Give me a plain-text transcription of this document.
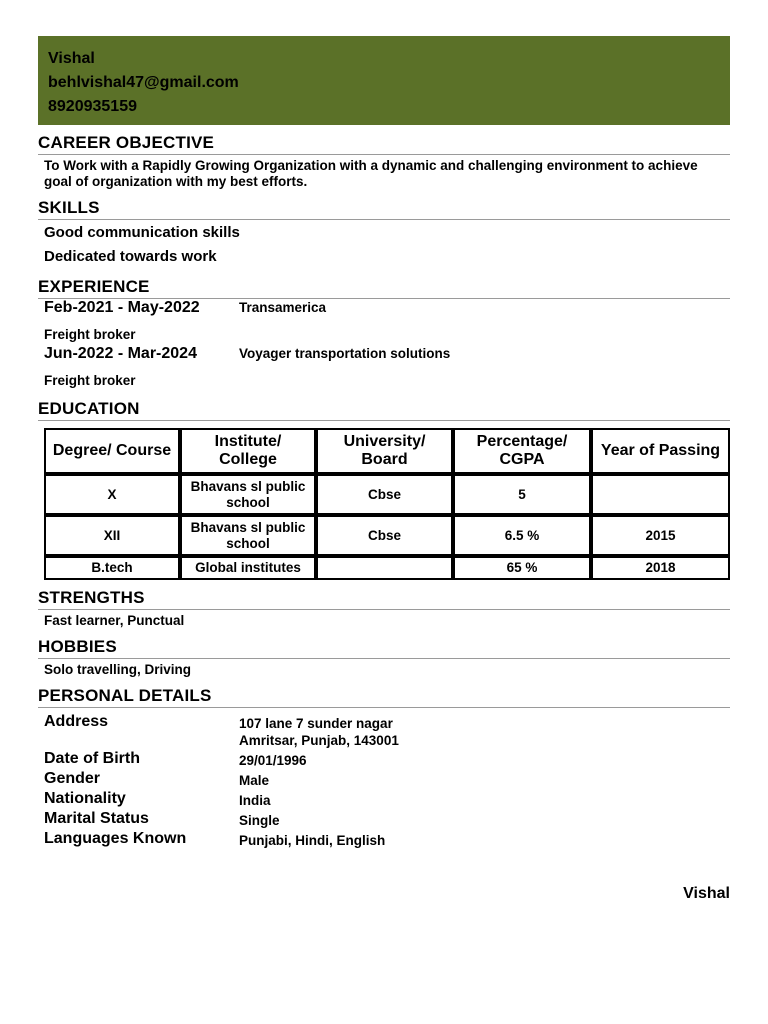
Vishal
behlvishal47@gmail.com
8920935159
CAREER OBJECTIVE
To Work with a Rapidly Growing Organization with a dynamic and challenging environment to achieve goal of organization with my best efforts.
SKILLS
Good communication skills
Dedicated towards work
EXPERIENCE
Feb-2021 - May-2022	Transamerica
Freight broker
Jun-2022 - Mar-2024	Voyager transportation solutions
Freight broker
EDUCATION
Degree/ Course	Institute/ College	University/ Board	Percentage/ CGPA	Year of Passing
X	Bhavans sl public school	Cbse	5	
XII	Bhavans sl public school	Cbse	6.5 %	2015
B.tech	Global institutes		65 %	2018
STRENGTHS
Fast learner, Punctual
HOBBIES
Solo travelling, Driving
PERSONAL DETAILS
Address	107 lane 7 sunder nagar
Amritsar, Punjab, 143001
Date of Birth	29/01/1996
Gender	Male
Nationality	India
Marital Status	Single
Languages Known	Punjabi, Hindi, English
Vishal
